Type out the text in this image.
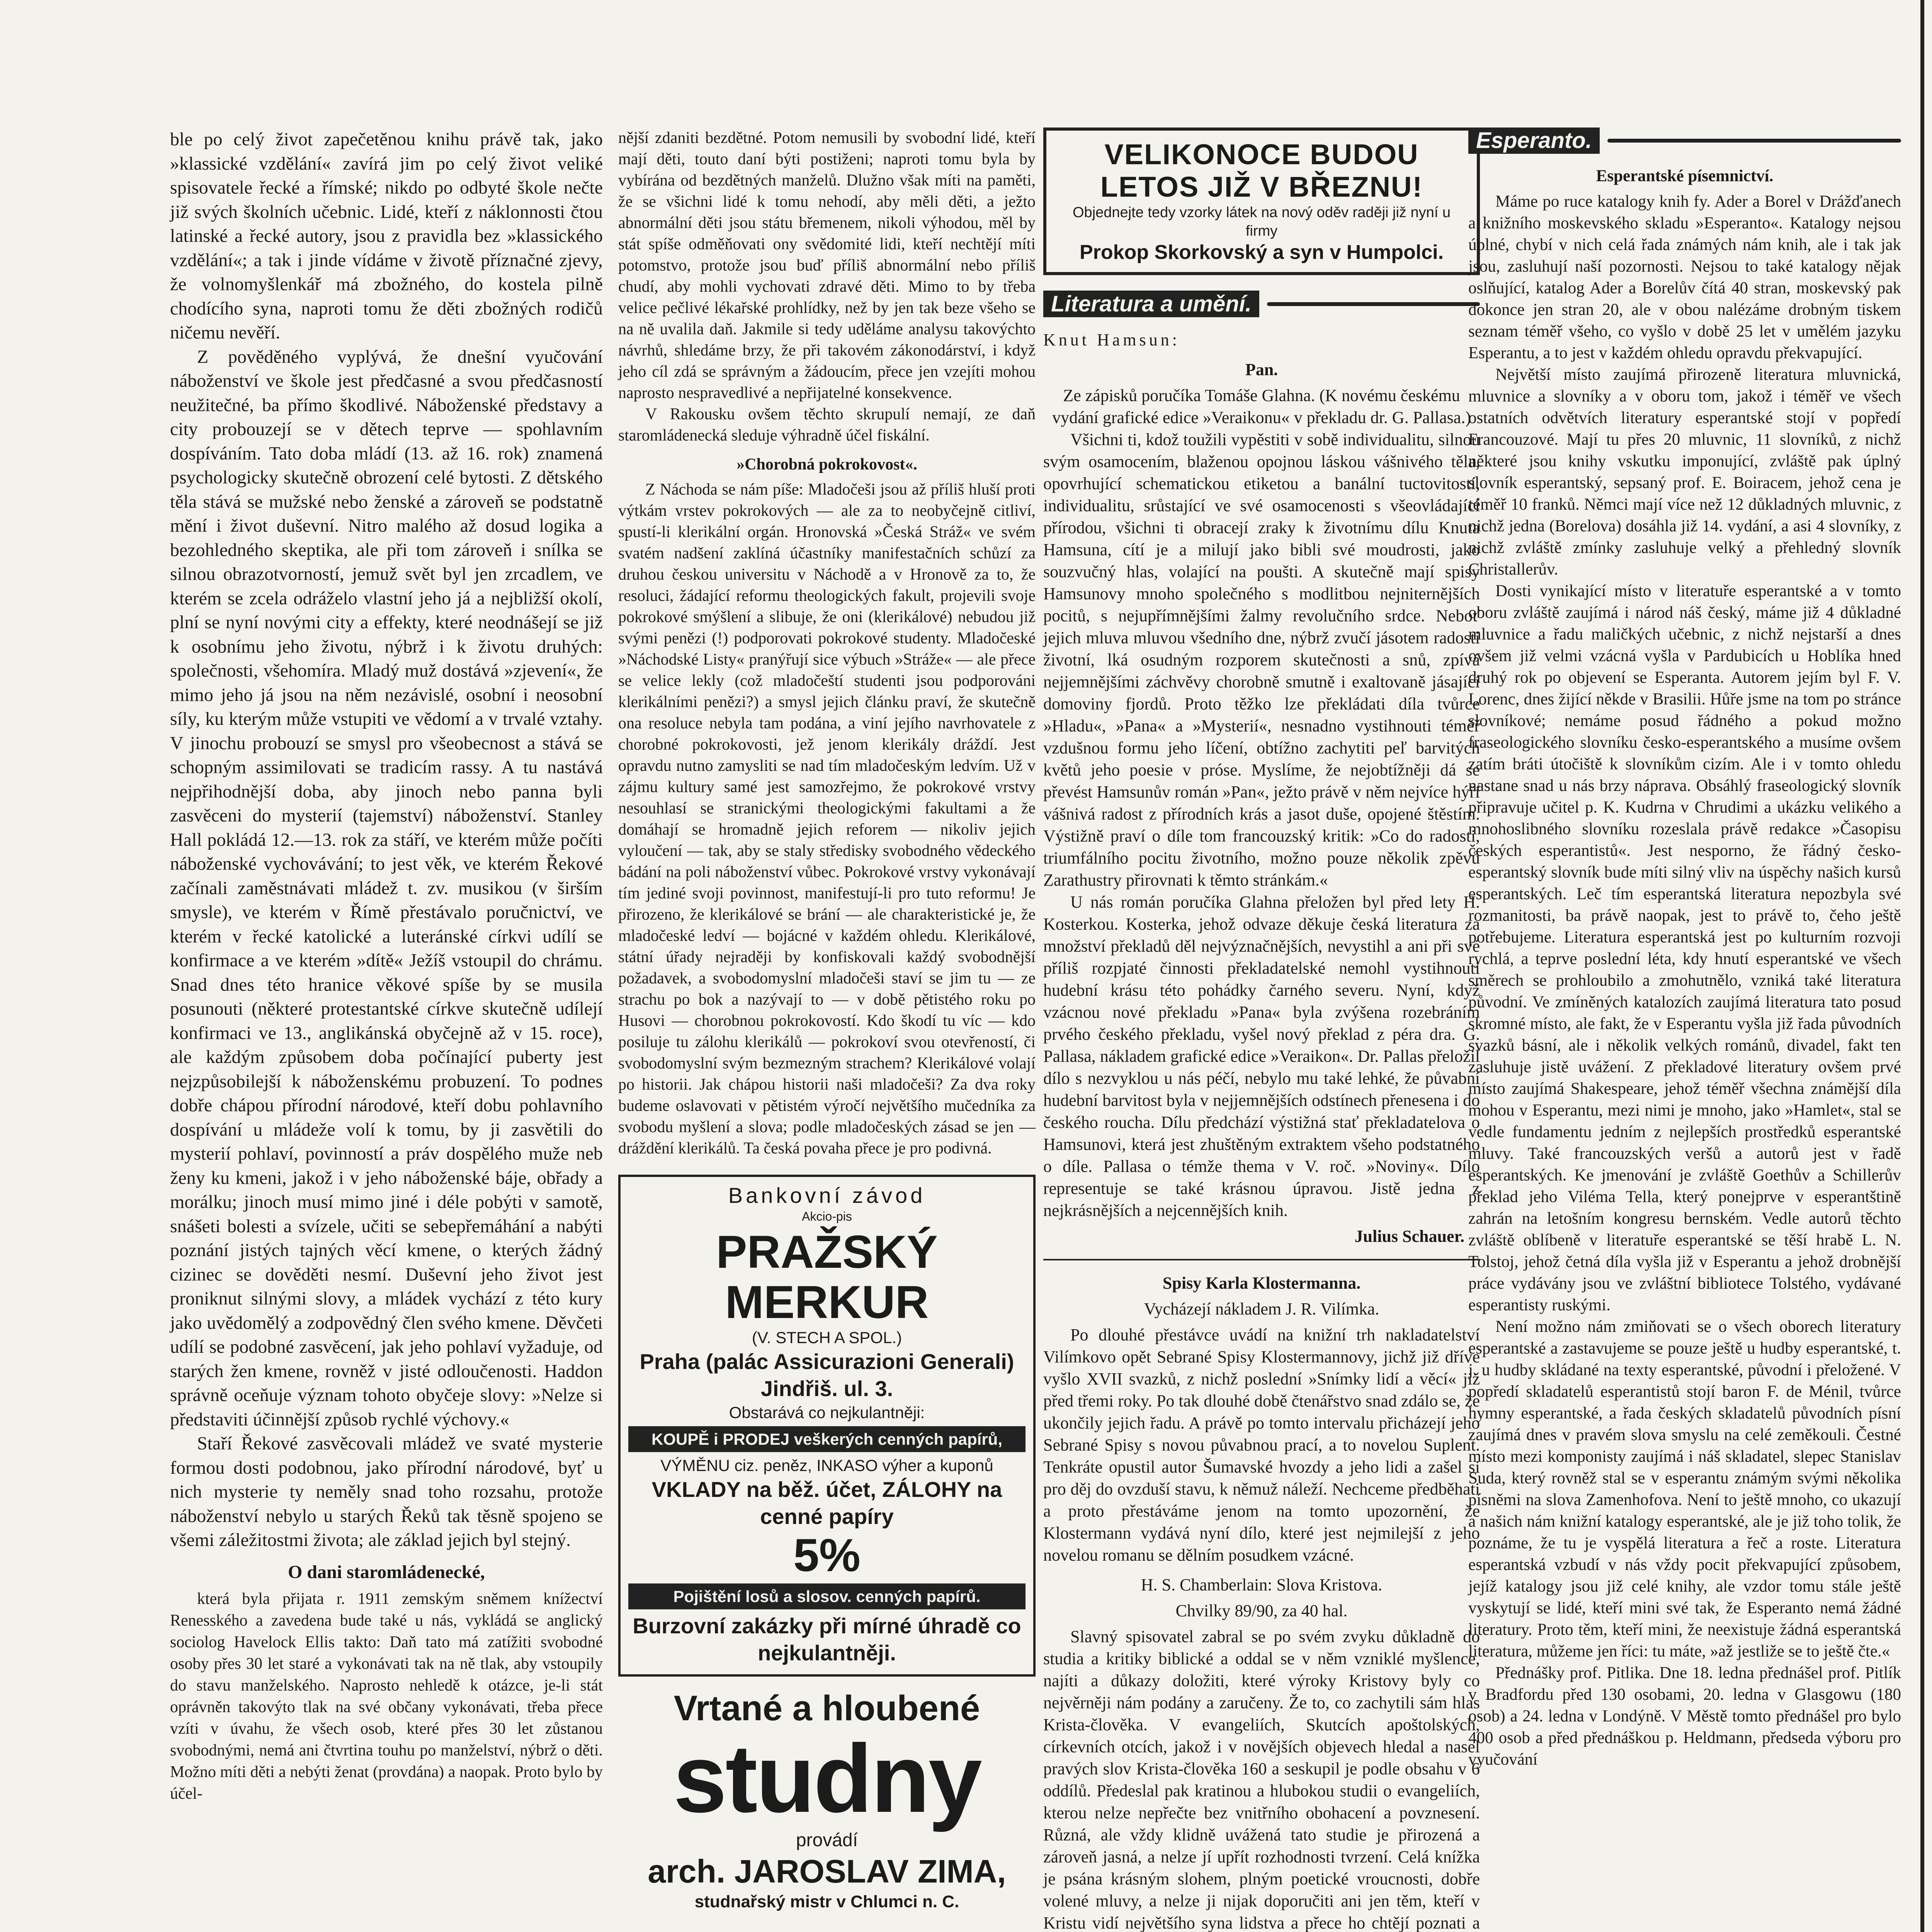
ble po celý život zapečetěnou knihu právě tak, jako »klassické vzdělání« zavírá jim po celý život veliké spisovatele řecké a římské; nikdo po odbyté škole nečte již svých školních učebnic. Lidé, kteří z náklonnosti čtou latinské a řecké autory, jsou z pravidla bez »klassického vzdělání«; a tak i jinde vídáme v životě příznačné zjevy, že volnomyšlenkář má zbožného, do kostela pilně chodícího syna, naproti tomu že děti zbožných rodičů ničemu nevěří.

Z pověděného vyplývá, že dnešní vyučování náboženství ve škole jest předčasné a svou předčasností neužitečné, ba přímo škodlivé. Náboženské představy a city probouzejí se v dětech teprve — spohlavním dospíváním. Tato doba mládí (13. až 16. rok) znamená psychologicky skutečně obrození celé bytosti. Z dětského těla stává se mužské nebo ženské a zároveň se podstatně mění i život duševní. Nitro malého až dosud logika a bezohledného skeptika, ale při tom zároveň i snílka se silnou obrazotvorností, jemuž svět byl jen zrcadlem, ve kterém se zcela odráželo vlastní jeho já a nejbližší okolí, plní se nyní novými city a effekty, které neodnášejí se již k osobnímu jeho životu, nýbrž i k životu druhých: společnosti, všehomíra. Mladý muž dostává »zjevení«, že mimo jeho já jsou na něm nezávislé, osobní i neosobní síly, ku kterým může vstupiti ve vědomí a v trvalé vztahy. V jinochu probouzí se smysl pro všeobecnost a stává se schopným assimilovati se tradicím rassy. A tu nastává nejpřihodnější doba, aby jinoch nebo panna byli zasvěceni do mysterií (tajemství) náboženství. Stanley Hall pokládá 12.—13. rok za stáří, ve kterém může počíti náboženské vychovávání; to jest věk, ve kterém Řekové začínali zaměstnávati mládež t. zv. musikou (v širším smysle), ve kterém v Římě přestávalo poručnictví, ve kterém v řecké katolické a luteránské církvi udílí se konfirmace a ve kterém »dítě« Ježíš vstoupil do chrámu. Snad dnes této hranice věkové spíše by se musila posunouti (některé protestantské církve skutečně udílejí konfirmaci ve 13., anglikánská obyčejně až v 15. roce), ale každým způsobem doba počínající puberty jest nejzpůsobilejší k náboženskému probuzení. To podnes dobře chápou přírodní národové, kteří dobu pohlavního dospívání u mládeže volí k tomu, by ji zasvětili do mysterií pohlaví, povinností a práv dospělého muže neb ženy ku kmeni, jakož i v jeho náboženské báje, obřady a morálku; jinoch musí mimo jiné i déle pobýti v samotě, snášeti bolesti a svízele, učiti se sebepřemáhání a nabýti poznání jistých tajných věcí kmene, o kterých žádný cizinec se dověděti nesmí. Duševní jeho život jest proniknut silnými slovy, a mládek vychází z této kury jako uvědomělý a zodpovědný člen svého kmene. Děvčeti udílí se podobné zasvěcení, jak jeho pohlaví vyžaduje, od starých žen kmene, rovněž v jisté odloučenosti. Haddon správně oceňuje význam tohoto obyčeje slovy: »Nelze si představiti účinnější způsob rychlé výchovy.«

Staří Řekové zasvěcovali mládež ve svaté mysterie formou dosti podobnou, jako přírodní národové, byť u nich mysterie ty neměly snad toho rozsahu, protože náboženství nebylo u starých Řeků tak těsně spojeno se všemi záležitostmi života; ale základ jejich byl stejný.

O dani staromládenecké,

která byla přijata r. 1911 zemským sněmem knížectví Renesského a zavedena bude také u nás, vykládá se anglický sociolog Havelock Ellis takto: Daň tato má zatížiti svobodné osoby přes 30 let staré a vykonávati tak na ně tlak, aby vstoupily do stavu manželského. Naprosto nehledě k otázce, je-li stát oprávněn takovýto tlak na své občany vykonávati, třeba přece vzíti v úvahu, že všech osob, které přes 30 let zůstanou svobodnými, nemá ani čtvrtina touhu po manželství, nýbrž o děti. Možno míti děti a nebýti ženat (provdána) a naopak. Proto bylo by účel-

nější zdaniti bezdětné. Potom nemusili by svobodní lidé, kteří mají děti, touto daní býti postiženi; naproti tomu byla by vybírána od bezdětných manželů. Dlužno však míti na paměti, že se všichni lidé k tomu nehodí, aby měli děti, a ježto abnormální děti jsou státu břemenem, nikoli výhodou, měl by stát spíše odměňovati ony svědomité lidi, kteří nechtějí míti potomstvo, protože jsou buď příliš abnormální nebo příliš chudí, aby mohli vychovati zdravé děti. Mimo to by třeba velice pečlivé lékařské prohlídky, než by jen tak beze všeho se na ně uvalila daň. Jakmile si tedy uděláme analysu takovýchto návrhů, shledáme brzy, že při takovém zákonodárství, i když jeho cíl zdá se správným a žádoucím, přece jen vzejíti mohou naprosto nespravedlivé a nepřijatelné konsekvence.

V Rakousku ovšem těchto skrupulí nemají, ze daň staromládenecká sleduje výhradně účel fiskální.

»Chorobná pokrokovost«.

Z Náchoda se nám píše: Mladočeši jsou až příliš hluší proti výtkám vrstev pokrokových — ale za to neobyčejně citliví, spustí-li klerikální orgán. Hronovská »Česká Stráž« ve svém svatém nadšení zaklíná účastníky manifestačních schůzí za druhou českou universitu v Náchodě a v Hronově za to, že resoluci, žádající reformu theologických fakult, projevili svoje pokrokové smýšlení a slibuje, že oni (klerikálové) nebudou již svými penězi (!) podporovati pokrokové studenty. Mladočeské »Náchodské Listy« pranýřují sice výbuch »Stráže« — ale přece se velice lekly (což mladočeští studenti jsou podporováni klerikálními penězi?) a smysl jejich článku praví, že skutečně ona resoluce nebyla tam podána, a viní jejího navrhovatele z chorobné pokrokovosti, jež jenom klerikály dráždí. Jest opravdu nutno zamysliti se nad tím mladočeským ledvím. Už v zájmu kultury samé jest samozřejmo, že pokrokové vrstvy nesouhlasí se stranickými theologickými fakultami a že domáhají se hromadně jejich reforem — nikoliv jejich vyloučení — tak, aby se staly středisky svobodného vědeckého bádání na poli náboženství vůbec. Pokrokové vrstvy vykonávají tím jediné svoji povinnost, manifestují-li pro tuto reformu! Je přirozeno, že klerikálové se brání — ale charakteristické je, že mladočeské ledví — bojácné v každém ohledu. Klerikálové, státní úřady nejraději by konfiskovali každý svobodnější požadavek, a svobodomyslní mladočeši staví se jim tu — ze strachu po bok a nazývají to — v době pětistého roku po Husovi — chorobnou pokrokovostí. Kdo škodí tu víc — kdo posiluje tu zálohu klerikálů — pokrokoví svou otevřeností, či svobodomyslní svým bezmezným strachem? Klerikálové volají po historii. Jak chápou historii naši mladočeši? Za dva roky budeme oslavovati v pětistém výročí největšího mučedníka za svobodu myšlení a slova; podle mladočeských zásad se jen — dráždění klerikálů. Ta česká povaha přece je pro podivná.

Bankovní závod
Akcio-pis
PRAŽSKÝ MERKUR
(V. STECH A SPOL.)
Praha (palác Assicurazioni Generali) Jindřiš. ul. 3.
Obstarává co nejkulantněji:
KOUPĚ i PRODEJ veškerých cenných papírů,
VÝMĚNU ciz. peněz, INKASO výher a kuponů
VKLADY na běž. účet, ZÁLOHY na cenné papíry
5%
Pojištění losů a slosov. cenných papírů.
Burzovní zakázky při mírné úhradě co nejkulantněji.
Vrtané a hloubené
studny
provádí
arch. JAROSLAV ZIMA,
studnařský mistr v Chlumci n. C.
VELIKONOCE BUDOU
LETOS JIŽ V BŘEZNU!
Objednejte tedy vzorky látek na nový oděv raději již nyní u firmy
Prokop Skorkovský a syn v Humpolci.
Literatura a umění.
Knut Hamsun:
Pan.

Ze zápisků poručíka Tomáše Glahna. (K novému českému vydání grafické edice »Veraikonu« v překladu dr. G. Pallasa.)

Všichni ti, kdož toužili vypěstiti v sobě individualitu, silnou svým osamocením, blaženou opojnou láskou vášnivého těla, opovrhující schematickou etiketou a banální tuctovitostí, individualitu, srůstající ve své osamocenosti s všeovládající přírodou, všichni ti obracejí zraky k životnímu dílu Knuta Hamsuna, cítí je a milují jako bibli své moudrosti, jako souzvučný hlas, volající na poušti. A skutečně mají spisy Hamsunovy mnoho společného s modlitbou nejniternějších pocitů, s nejupřímnějšími žalmy revolučního srdce. Neboť jejich mluva mluvou všedního dne, nýbrž zvučí jásotem radosti životní, lká osudným rozporem skutečnosti a snů, zpívá nejjemnějšími záchvěvy chorobně smutně i exaltovaně jásající domoviny fjordů. Proto těžko lze překládati díla tvůrce »Hladu«, »Pana« a »Mysterií«, nesnadno vystihnouti téměř vzdušnou formu jeho líčení, obtížno zachytiti peľ barvitých květů jeho poesie v próse. Myslíme, že nejobtížněji dá se převést Hamsunův román »Pan«, ježto právě v něm nejvíce hýří vášnivá radost z přírodních krás a jasot duše, opojené štěstím. Výstižně praví o díle tom francouzský kritik: »Co do radosti, triumfálního pocitu životního, možno pouze několik zpěvů Zarathustry přirovnati k těmto stránkám.«

U nás román poručíka Glahna přeložen byl před lety H. Kosterkou. Kosterka, jehož odvaze děkuje česká literatura za množství překladů děl nejvýznačnějších, nevystihl a ani při své příliš rozpjaté činnosti překladatelské nemohl vystihnouti hudební krásu této pohádky čarného severu. Nyní, když vzácnou nové překladu »Pana« byla zvýšena rozebráním prvého českého překladu, vyšel nový překlad z péra dra. G. Pallasa, nákladem grafické edice »Veraikon«. Dr. Pallas přeložil dílo s nezvyklou u nás péčí, nebylo mu také lehké, že půvabní hudební barvitost byla v nejjemnějších odstínech přenesena i do českého roucha. Dílu předchází výstižná stať překladatelova o Hamsunovi, která jest zhuštěným extraktem všeho podstatného o díle. Pallasa o témže thema v V. roč. »Noviny«. Dílo representuje se také krásnou úpravou. Jistě jedna z nejkrásnějších a nejcennějších knih.

Julius Schauer.
Spisy Karla Klostermanna.
Vycházejí nákladem J. R. Vilímka.

Po dlouhé přestávce uvádí na knižní trh nakladatelství Vilímkovo opět Sebrané Spisy Klostermannovy, jichž již dříve vyšlo XVII svazků, z nichž poslední »Snímky lidí a věcí« již před třemi roky. Po tak dlouhé době čtenářstvo snad zdálo se, že ukončily jejich řadu. A právě po tomto intervalu přicházejí jeho Sebrané Spisy s novou půvabnou prací, a to novelou Suplent. Tenkráte opustil autor Šumavské hvozdy a jeho lidi a zašel si pro děj do ovzduší stavu, k němuž náleží. Nechceme předběhati a proto přestáváme jenom na tomto upozornění, že Klostermann vydává nyní dílo, které jest nejmilejší z jeho novelou romanu se dělním posudkem vzácné.

H. S. Chamberlain: Slova Kristova.
Chvilky 89/90, za 40 hal.

Slavný spisovatel zabral se po svém zvyku důkladně do studia a kritiky biblické a oddal se v něm vzniklé myšlence, najíti a důkazy doložiti, které výroky Kristovy byly co nejvěrněji nám podány a zaručeny. Že to, co zachytili sám hlas Krista-člověka. V evangeliích, Skutcích apoštolských, církevních otcích, jakož i v novějších objevech hledal a nasel pravých slov Krista-člověka 160 a seskupil je podle obsahu v 6 oddílů. Předeslal pak kratinou a hlubokou studii o evangeliích, kterou nelze nepřečte bez vnitřního obohacení a povznesení. Různá, ale vždy klidně uvážená tato studie je přirozená a zároveň jasná, a nelze jí upřít rozhodnosti tvrzení. Celá knížka je psána krásným slohem, plným poetické vroucnosti, dobře volené mluvy, a nelze ji nijak doporučiti ani jen těm, kteří v Kristu vidí největšího syna lidstva a přece ho chtějí poznati a

Esperanto.
Esperantské písemnictví.

Máme po ruce katalogy knih fy. Ader a Borel v Drážďanech a knižního moskevského skladu »Esperanto«. Katalogy nejsou úplné, chybí v nich celá řada známých nám knih, ale i tak jak jsou, zasluhují naší pozornosti. Nejsou to také katalogy nějak oslňující, katalog Ader a Borelův čítá 40 stran, moskevský pak dokonce jen stran 20, ale v obou nalézáme drobným tiskem seznam téměř všeho, co vyšlo v době 25 let v umělém jazyku Esperantu, a to jest v každém ohledu opravdu překvapující.

Největší místo zaujímá přirozeně literatura mluvnická, mluvnice a slovníky a v oboru tom, jakož i téměř ve všech ostatních odvětvích literatury esperantské stojí v popředí Francouzové. Mají tu přes 20 mluvnic, 11 slovníků, z nichž některé jsou knihy vskutku imponující, zvláště pak úplný slovník esperantský, sepsaný prof. E. Boiracem, jehož cena je téměř 10 franků. Němci mají více než 12 důkladných mluvnic, z nichž jedna (Borelova) dosáhla již 14. vydání, a asi 4 slovníky, z nichž zvláště zmínky zasluhuje velký a přehledný slovník Christallerův.

Dosti vynikající místo v literatuře esperantské a v tomto oboru zvláště zaujímá i národ náš český, máme již 4 důkladné mluvnice a řadu maličkých učebnic, z nichž nejstarší a dnes ovšem již velmi vzácná vyšla v Pardubicích u Hoblíka hned druhý rok po objevení se Esperanta. Autorem jejím byl F. V. Lorenc, dnes žijící někde v Brasilii. Hůře jsme na tom po stránce slovníkové; nemáme posud řádného a pokud možno fraseologického slovníku česko-esperantského a musíme ovšem zatím bráti útočiště k slovníkům cizím. Ale i v tomto ohledu nastane snad u nás brzy náprava. Obsáhlý fraseologický slovník připravuje učitel p. K. Kudrna v Chrudimi a ukázku velikého a mnohoslibného slovníku rozeslala právě redakce »Časopisu českých esperantistů«. Jest nesporno, že řádný česko-esperantský slovník bude míti silný vliv na úspěchy našich kursů esperantských. Leč tím esperantská literatura nepozbyla své rozmanitosti, ba právě naopak, jest to právě to, čeho ještě potřebujeme. Literatura esperantská jest po kulturním rozvoji rychlá, a teprve poslední léta, kdy hnutí esperantské ve všech směrech se prohloubilo a zmohutnělo, vzniká také literatura původní. Ve zmíněných katalozích zaujímá literatura tato posud skromné místo, ale fakt, že v Esperantu vyšla již řada původních svazků básní, ale i několik velkých románů, divadel, fakt ten zasluhuje jistě uvážení. Z překladové literatury ovšem prvé místo zaujímá Shakespeare, jehož téměř všechna známější díla mohou v Esperantu, mezi nimi je mnoho, jako »Hamlet«, stal se vedle fundamentu jedním z nejlepších prostředků esperantské mluvy. Také francouzských veršů a autorů jest v řadě esperantských. Ke jmenování je zvláště Goethův a Schillerův překlad jeho Viléma Tella, který ponejprve v esperantštině zahrán na letošním kongresu bernském. Vedle autorů těchto zvláště oblíbeně v literatuře esperantské se těší hrabě L. N. Tolstoj, jehož četná díla vyšla již v Esperantu a jehož drobnější práce vydávány jsou ve zvláštní bibliotece Tolstého, vydávané esperantisty ruskými.

Není možno nám zmiňovati se o všech oborech literatury esperantské a zastavujeme se pouze ještě u hudby esperantské, t. j. u hudby skládané na texty esperantské, původní i přeložené. V popředí skladatelů esperantistů stojí baron F. de Ménil, tvůrce hymny esperantské, a řada českých skladatelů původních písní zaujímá dnes v pravém slova smyslu na celé zeměkouli. Čestné místo mezi komponisty zaujímá i náš skladatel, slepec Stanislav Suda, který rovněž stal se v esperantu známým svými několika písněmi na slova Zamenhofova. Není to ještě mnoho, co ukazují a našich nám knižní katalogy esperantské, ale je již toho tolik, že poznáme, že tu je vyspělá literatura a řeč a roste. Literatura esperantská vzbudí v nás vždy pocit překvapující způsobem, jejíž katalogy jsou již celé knihy, ale vzdor tomu stále ještě vyskytují se lidé, kteří mini své tak, že Esperanto nemá žádné literatury. Proto těm, kteří mini, že neexistuje žádná esperantská literatura, můžeme jen říci: tu máte, »až jestliže se to ještě čte.«

Přednášky prof. Pitlika. Dne 18. ledna přednášel prof. Pitlík v Bradfordu před 130 osobami, 20. ledna v Glasgowu (180 osob) a 24. ledna v Londýně. V Městě tomto přednášel pro bylo 400 osob a před přednáškou p. Heldmann, předseda výboru pro vyučování
